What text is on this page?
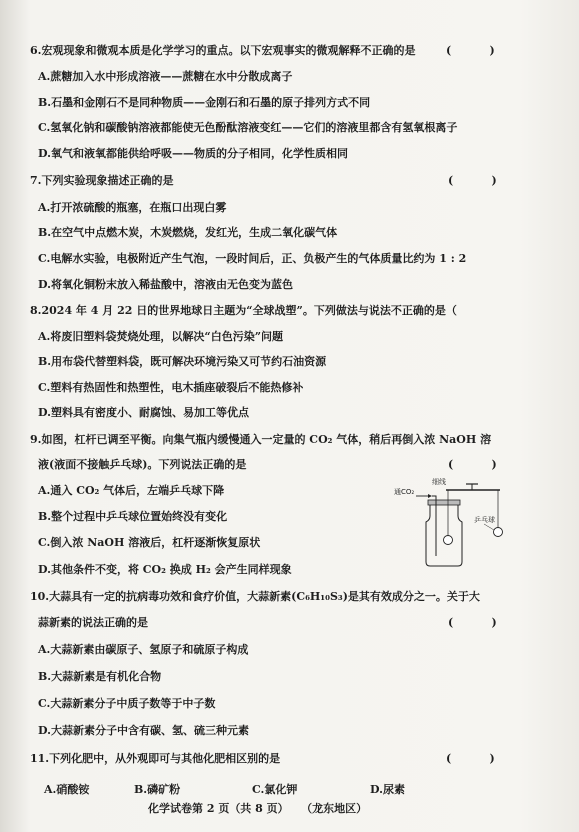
6.宏观现象和微观本质是化学学习的重点。以下宏观事实的微观解释不正确的是	(          )
A.蔗糖加入水中形成溶液——蔗糖在水中分散成离子
B.石墨和金刚石不是同种物质——金刚石和石墨的原子排列方式不同
C.氢氧化钠和碳酸钠溶液都能使无色酚酞溶液变红——它们的溶液里都含有氢氧根离子
D.氧气和液氧都能供给呼吸——物质的分子相同，化学性质相同
7.下列实验现象描述正确的是	(          )
A.打开浓硫酸的瓶塞，在瓶口出现白雾
B.在空气中点燃木炭，木炭燃烧，发红光，生成二氧化碳气体
C.电解水实验，电极附近产生气泡，一段时间后，正、负极产生的气体质量比约为 1 : 2
D.将氧化铜粉末放入稀盐酸中，溶液由无色变为蓝色
8.2024 年 4 月 22 日的世界地球日主题为“全球战塑”。下列做法与说法不正确的是（
A.将废旧塑料袋焚烧处理，以解决“白色污染”问题
B.用布袋代替塑料袋，既可解决环境污染又可节约石油资源
C.塑料有热固性和热塑性，电木插座破裂后不能热修补
D.塑料具有密度小、耐腐蚀、易加工等优点
9.如图，杠杆已调至平衡。向集气瓶内缓慢通入一定量的 CO₂ 气体，稍后再倒入浓 NaOH 溶
液(液面不接触乒乓球)。下列说法正确的是	(          )
A.通入 CO₂ 气体后，左端乒乓球下降
B.整个过程中乒乓球位置始终没有变化
C.倒入浓 NaOH 溶液后，杠杆逐渐恢复原状
D.其他条件不变，将 CO₂ 换成 H₂ 会产生同样现象
通CO₂
细线
乒乓球
10.大蒜具有一定的抗病毒功效和食疗价值，大蒜新素(C₆H₁₀S₃)是其有效成分之一。关于大
蒜新素的说法正确的是	(          )
A.大蒜新素由碳原子、氢原子和硫原子构成
B.大蒜新素是有机化合物
C.大蒜新素分子中质子数等于中子数
D.大蒜新素分子中含有碳、氢、硫三种元素
11.下列化肥中，从外观即可与其他化肥相区别的是	(          )
A.硝酸铵	B.磷矿粉	C.氯化钾	D.尿素
化学试卷第 2 页（共 8 页） （龙东地区）
